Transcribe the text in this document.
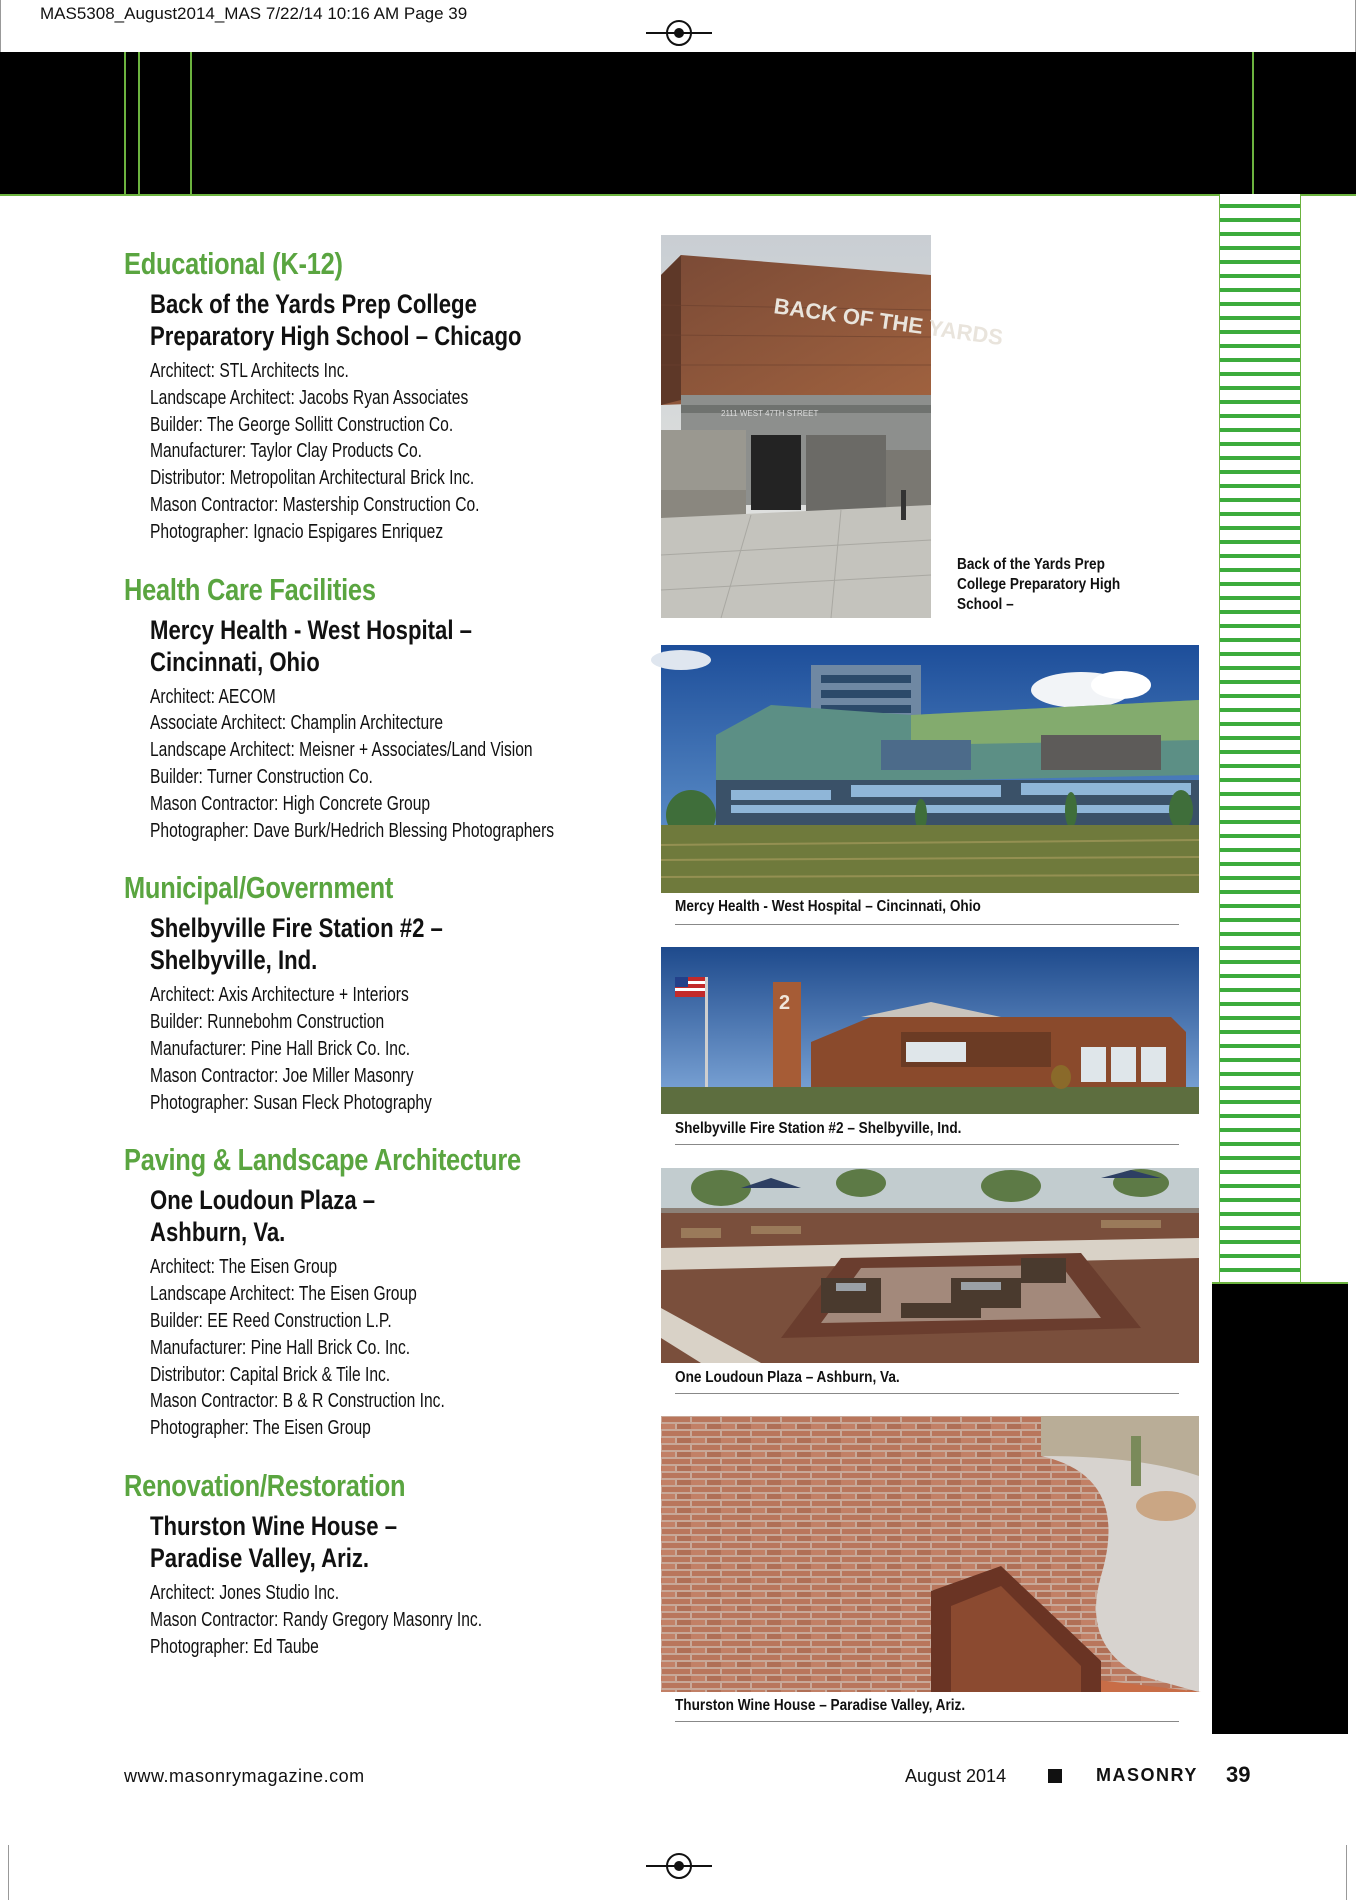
MAS5308_August2014_MAS 7/22/14 10:16 AM Page 39
Educational (K-12)
Back of the Yards Prep College Preparatory High School – Chicago
Architect: STL Architects Inc.
Landscape Architect: Jacobs Ryan Associates
Builder: The George Sollitt Construction Co.
Manufacturer: Taylor Clay Products Co.
Distributor: Metropolitan Architectural Brick Inc.
Mason Contractor: Mastership Construction Co.
Photographer: Ignacio Espigares Enriquez
Health Care Facilities
Mercy Health - West Hospital – Cincinnati, Ohio
Architect: AECOM
Associate Architect: Champlin Architecture
Landscape Architect: Meisner + Associates/Land Vision
Builder: Turner Construction Co.
Mason Contractor: High Concrete Group
Photographer: Dave Burk/Hedrich Blessing Photographers
Municipal/Government
Shelbyville Fire Station #2 – Shelbyville, Ind.
Architect: Axis Architecture + Interiors
Builder: Runnebohm Construction
Manufacturer: Pine Hall Brick Co. Inc.
Mason Contractor: Joe Miller Masonry
Photographer: Susan Fleck Photography
Paving & Landscape Architecture
One Loudoun Plaza – Ashburn, Va.
Architect: The Eisen Group
Landscape Architect: The Eisen Group
Builder: EE Reed Construction L.P.
Manufacturer: Pine Hall Brick Co. Inc.
Distributor: Capital Brick & Tile Inc.
Mason Contractor: B & R Construction Inc.
Photographer: The Eisen Group
Renovation/Restoration
Thurston Wine House – Paradise Valley, Ariz.
Architect: Jones Studio Inc.
Mason Contractor: Randy Gregory Masonry Inc.
Photographer: Ed Taube
BACK OF THE YARDS
2111 WEST 47TH STREET
Back of the Yards Prep College Preparatory High School –
Mercy Health - West Hospital – Cincinnati, Ohio
2
Shelbyville Fire Station #2 – Shelbyville, Ind.
One Loudoun Plaza – Ashburn, Va.
Thurston Wine House – Paradise Valley, Ariz.
www.masonrymagazine.com	August 2014	MASONRY 39
